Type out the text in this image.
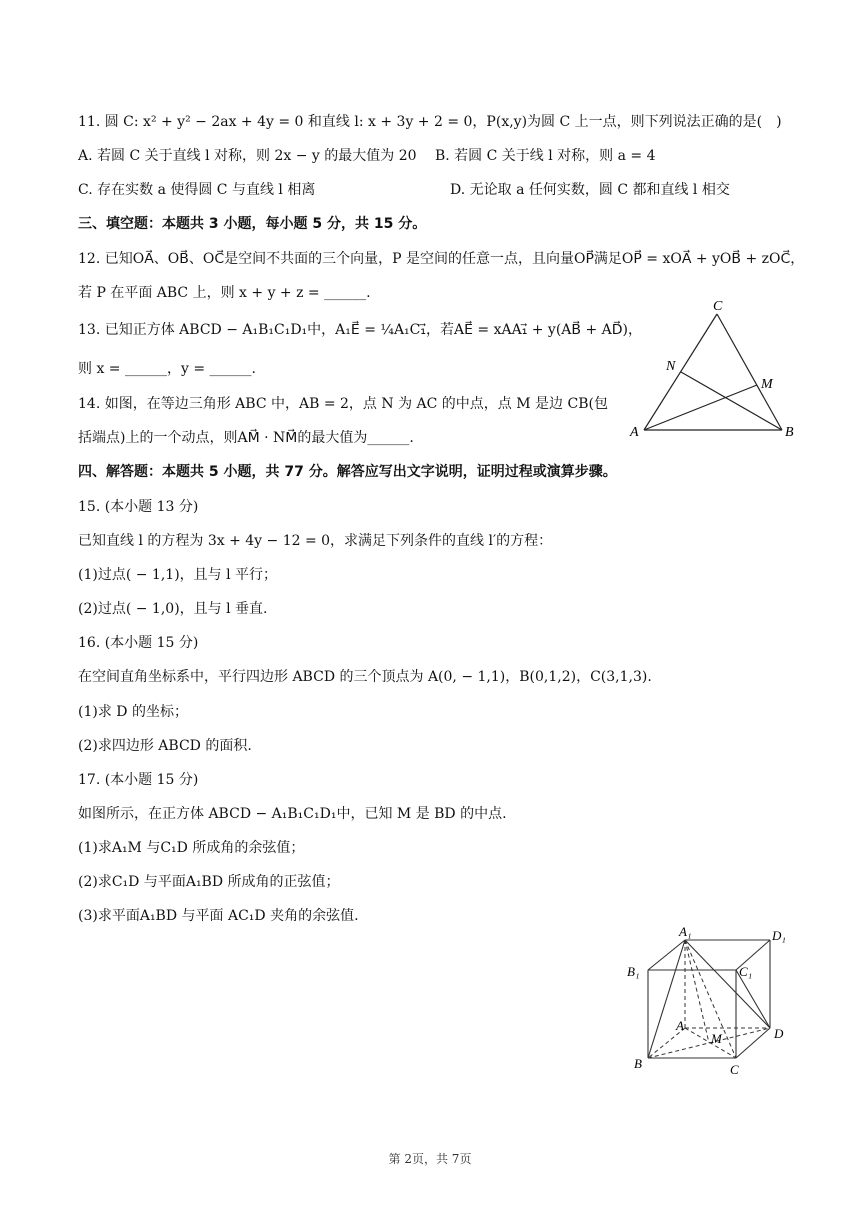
11. 圆 C: x² + y² − 2ax + 4y = 0 和直线 l: x + 3y + 2 = 0，P(x,y)为圆 C 上一点，则下列说法正确的是(　)
A. 若圆 C 关于直线 l 对称，则 2x − y 的最大值为 20　 B. 若圆 C 关于线 l 对称，则 a = 4
C. 存在实数 a 使得圆 C 与直线 l 相离	D. 无论取 a 任何实数，圆 C 都和直线 l 相交
三、填空题：本题共 3 小题，每小题 5 分，共 15 分。
12. 已知OA⃗、OB⃗、OC⃗是空间不共面的三个向量，P 是空间的任意一点，且向量OP⃗满足OP⃗ = xOA⃗ + yOB⃗ + zOC⃗，
若 P 在平面 ABC 上，则 x + y + z = ______.
13. 已知正方体 ABCD − A₁B₁C₁D₁中，A₁E⃗ = ¼A₁C₁⃗，若AE⃗ = xAA₁⃗ + y(AB⃗ + AD⃗)，
则 x = ______，y = ______.
14. 如图，在等边三角形 ABC 中，AB = 2，点 N 为 AC 的中点，点 M 是边 CB(包
括端点)上的一个动点，则AM⃗ · NM⃗的最大值为______.
C
N
M
A	B
四、解答题：本题共 5 小题，共 77 分。解答应写出文字说明，证明过程或演算步骤。
15. (本小题 13 分)
已知直线 l 的方程为 3x + 4y − 12 = 0，求满足下列条件的直线 l′的方程：
(1)过点( − 1,1)，且与 l 平行；
(2)过点( − 1,0)，且与 l 垂直.
16. (本小题 15 分)
在空间直角坐标系中，平行四边形 ABCD 的三个顶点为 A(0, − 1,1)，B(0,1,2)，C(3,1,3).
(1)求 D 的坐标；
(2)求四边形 ABCD 的面积.
17. (本小题 15 分)
如图所示，在正方体 ABCD − A₁B₁C₁D₁中，已知 M 是 BD 的中点.
(1)求A₁M 与C₁D 所成角的余弦值；
(2)求C₁D 与平面A₁BD 所成角的正弦值；
(3)求平面A₁BD 与平面 AC₁D 夹角的余弦值.
A₁	D₁
B₁	C₁
A
M	D
B	C
第 2页，共 7页
